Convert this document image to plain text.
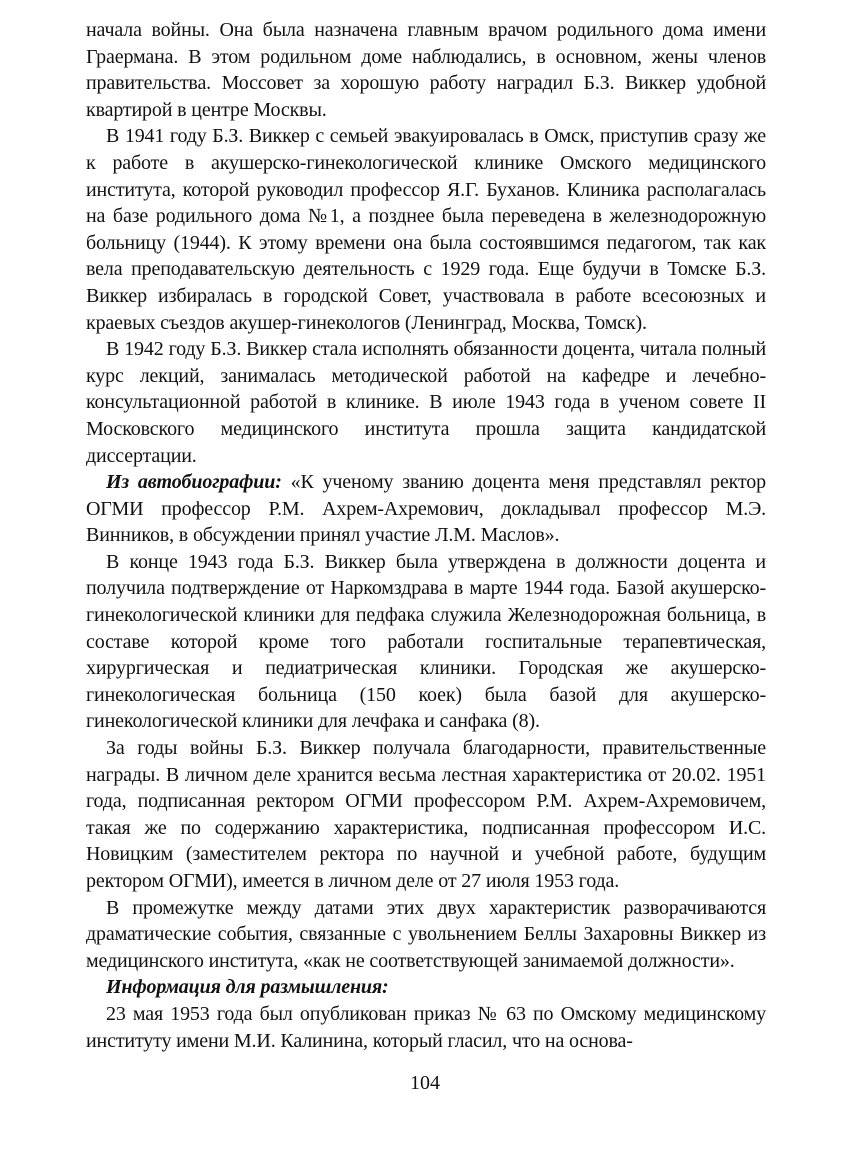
начала войны. Она была назначена главным врачом родильного дома имени Граермана. В этом родильном доме наблюдались, в основном, жены членов правительства. Моссовет за хорошую работу наградил Б.З. Виккер удобной квартирой в центре Москвы.

В 1941 году Б.З. Виккер с семьей эвакуировалась в Омск, приступив сразу же к работе в акушерско-гинекологической клинике Омского медицинского института, которой руководил профессор Я.Г. Буханов. Клиника располагалась на базе родильного дома №1, а позднее была переведена в железнодорожную больницу (1944). К этому времени она была состоявшимся педагогом, так как вела преподавательскую деятельность с 1929 года. Еще будучи в Томске Б.З. Виккер избиралась в городской Совет, участвовала в работе всесоюзных и краевых съездов акушер-гинекологов (Ленинград, Москва, Томск).

В 1942 году Б.З. Виккер стала исполнять обязанности доцента, читала полный курс лекций, занималась методической работой на кафедре и лечебно-консультационной работой в клинике. В июле 1943 года в ученом совете II Московского медицинского института прошла защита кандидатской диссертации.

Из автобиографии: «К ученому званию доцента меня представлял ректор ОГМИ профессор Р.М. Ахрем-Ахремович, докладывал профессор М.Э. Винников, в обсуждении принял участие Л.М. Маслов».

В конце 1943 года Б.З. Виккер была утверждена в должности доцента и получила подтверждение от Наркомздрава в марте 1944 года. Базой акушерско-гинекологической клиники для педфака служила Железнодорожная больница, в составе которой кроме того работали госпитальные терапевтическая, хирургическая и педиатрическая клиники. Городская же акушерско-гинекологическая больница (150 коек) была базой для акушерско-гинекологической клиники для лечфака и санфака (8).

За годы войны Б.З. Виккер получала благодарности, правительственные награды. В личном деле хранится весьма лестная характеристика от 20.02. 1951 года, подписанная ректором ОГМИ профессором Р.М. Ахрем-Ахремовичем, такая же по содержанию характеристика, подписанная профессором И.С. Новицким (заместителем ректора по научной и учебной работе, будущим ректором ОГМИ), имеется в личном деле от 27 июля 1953 года.

В промежутке между датами этих двух характеристик разворачиваются драматические события, связанные с увольнением Беллы Захаровны Виккер из медицинского института, «как не соответствующей занимаемой должности».

Информация для размышления:

23 мая 1953 года был опубликован приказ № 63 по Омскому медицинскому институту имени М.И. Калинина, который гласил, что на основа-

104
